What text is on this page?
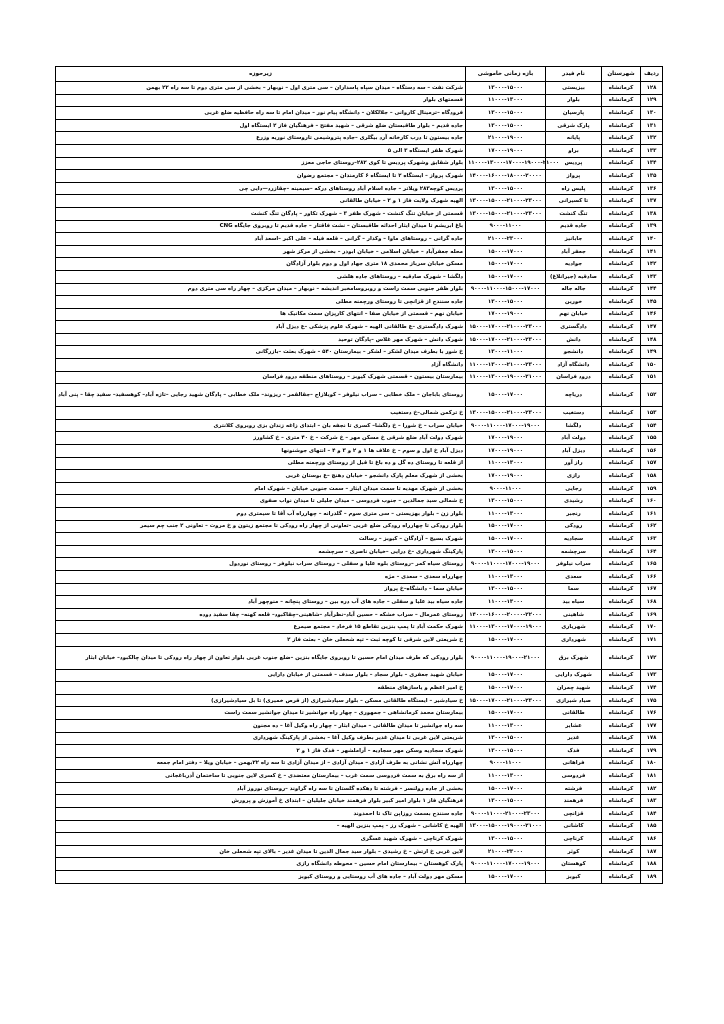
ردیف	شهرستان	نام فیدر	بازه زمانی خاموشی	زیرحوزه
۱۲۸	کرمانشاه	بیزیستی	۱۳۰۰۰-۱۵۰۰۰	شرکت نفت – سه دستگاه – میدان سپاه پاسداران – سی متری اول – نوبهار – بخشی از سی متری دوم تا سه راه ۲۲ بهمن
۱۲۹	کرمانشاه	بلوار	۱۱۰۰۰-۱۳۰۰۰	قسمتهای بلوار
۱۳۰	کرمانشاه	پارسیان	۱۳۰۰۰-۱۵۰۰۰	فرودگاه –ترمینال کاروانی – جلالکلان – دانشگاه پیام نور – میدان امام تا سه راه حافظیه ضلع غربی
۱۳۱	کرمانشاه	پارک شرقی	۱۳۰۰۰-۱۵۰۰۰	جاده قدیم – بلوار طاقبستان ضلع شرقی – شهید مفتح – فرهنگیان فاز ۲ ایستگاه اول
۱۳۲	کرمانشاه	پایانه	۲۱۰۰۰-۱۹۰۰۰	جاده بیستون تا درب کارخانه آرد بیگلری –جاده پتروشیمی تاروستای نوریه وزرع
۱۳۳	کرمانشاه	براو	۱۷۰۰۰-۱۹۰۰۰	شهرک ظفر ایستگاه ۳ الی ۵
۱۳۴	کرمانشاه	پردیس	۱۱۰۰۰-۱۳۰۰۰-۱۷۰۰۰-۱۹۰۰۰-۲۱۰۰۰	بلوار شقایق وشهرک پردیس تا کوی ۲۸۲–روستای حاجی معزز
۱۳۵	کرمانشاه	پرواز	۱۴۰۰۰-۱۶۰۰۰-۱۸۰۰۰-۲۰۰۰۰	شهرک پرواز – ایستگاه ۲ تا ایستگاه ۶ کارمندان – مجتمع رضوان
۱۳۶	کرمانشاه	پلیس راه	۱۳۰۰۰-۱۵۰۰۰	پردیس کوچه۲۸۳ ویلاتر – جاده اسلام آباد روستاهای درکه –سیمینه –چقازرد—دایی چی
۱۳۷	کرمانشاه	تا کسیرانی	۱۳۰۰۰-۱۵۰۰۰-۲۱۰۰۰-۲۳۰۰۰	الهیه شهرک ولایت فاز ۱ و ۲ – خیابان طالقانی
۱۳۸	کرمانشاه	تنگ کنشت	۱۳۰۰۰-۱۵۰۰۰-۲۱۰۰۰-۲۳۰۰۰	قسمتی از خیابان تنگ کنشت – شهرک ظفر ۳ – شهرک تکاور – پادگان تنگ کنشت
۱۳۹	کرمانشاه	جاده قدیم	۹۰۰۰-۱۱۰۰۰	باغ ابریشم تا میدان ایثار احداثه طاقبستان – نشت فاقتار – جاده قدیم تا روبروی جایگاه CNG
۱۴۰	کرمانشاه	جابانیز	۲۱۰۰۰-۲۳۰۰۰	جاده گرانی – روستاهای ماوا – وکدار – گرانی – قلعه فیله – علی اکبر –اسعد آباد
۱۴۱	کرمانشاه	جعفر آباد	۱۵۰۰۰-۱۷۰۰۰	محله جعفرآباد – خیابان اسلامی – خیابان ابوذر – بخشی از مرکز شهر
۱۴۲	کرمانشاه	جوادیه	۱۵۰۰۰-۱۷۰۰۰	مسکن خیابان سرباز محمدی ۱۸ متری جهاد اول و دوم بلوار آزادگان
۱۴۳	کرمانشاه	صادقیه (جیرانلاغ)	۱۵۰۰۰-۱۷۰۰۰	دلگشا – شهرک صادقیه – روستاهای جاده هلشی
۱۴۴	کرمانشاه	جاله جاله	۹۰۰۰-۱۱۰۰۰-۱۵۰۰۰-۱۷۰۰۰	بلوار ظفر جنوبی سمت راست و روبروسامخبر اندیشه – نوبهار – میدان مرکزی – چهار راه سی متری دوم
۱۴۵	کرمانشاه	خورین	۱۳۰۰۰-۱۵۰۰۰	جاده سنندج از قزانچی تا روستای ورچمنه مطلی
۱۴۶	کرمانشاه	خیابان نهم	۱۷۰۰۰-۱۹۰۰۰	خیابان نهم – قسمتی از خیابان صفا – انتهای کارپزان سمت مکانیک ها
۱۴۷	کرمانشاه	دادگستری	۱۵۰۰۰-۱۷۰۰۰-۲۱۰۰۰-۲۳۰۰۰	شهرک دادگستری –ع طالقانی الهیه – شهرک علوم پزشکی –ع دیزل آباد
۱۴۸	کرمانشاه	دانش	۱۵۰۰۰-۱۷۰۰۰-۲۱۰۰۰-۲۳۰۰۰	شهرک دانش – شهرک مهر غلاس –پادگان توحید
۱۴۹	کرمانشاه	دانشجو	۱۳۰۰۰-۱۱۰۰۰	خ شور با بطرف میدان لشکر – لشکر – بیمارستان ۵۴۰ – شهرک بعثت –بازرگانی
۱۵۰	کرمانشاه	دانشگاه آزاد	۱۱۰۰۰-۱۳۰۰۰-۲۱۰۰۰-۲۳۰۰۰	دانشگاه آزاد
۱۵۱	کرمانشاه	درود فراسان	۱۱۰۰۰-۱۳۰۰۰-۱۹۰۰۰-۲۱۰۰۰	بیمارستان بیستون – قسمتی شهرک کیوبز – روستاهای منطقه درود فراسان
۱۵۲	کرمانشاه	دریاچه	۱۵۰۰۰-۱۷۰۰۰	روستای باباجان – ملک خطابی – سراب نیلوفر – کوبلازاج –جقالقمر – ریزوند– ملک خطابی – پادگان شهید رجایی –تازه آباد– کوهسفید– سفید چقا – پنی آباد
۱۵۳	کرمانشاه	دستغیب	۱۳۰۰۰-۱۵۰۰۰-۲۱۰۰۰-۲۳۰۰۰	خ ترکمن شمالی–خ دستغیب
۱۵۴	کرمانشاه	دلگشا	۹۰۰۰-۱۱۰۰۰-۱۷۰۰۰-۱۹۰۰۰	خیابان سراب – خ شورا – خ دلگشا– کسری تا نجفه بان – ابتدای زاغه زندان بزی روبروی کلانتری
۱۵۵	کرمانشاه	دولت آباد	۱۷۰۰۰-۱۹۰۰۰	شهرک دولت آباد ضلع شرقی خ مسکن مهر – خ شرکت – خ ۴۰ متری – خ کشاورز
۱۵۶	کرمانشاه	دیزل آباد	۱۷۰۰۰-۱۹۰۰۰	دیزل آباد خ اول و سوم – خ علاف ها ۱ و ۲ و ۳ و ۴ – انتهای جوشنونها
۱۵۷	کرمانشاه	راز آور	۱۱۰۰۰-۱۳۰۰۰	از قلعه تا روستای ده گل و ده باغ تا قبل از روستای ورچمنه مطلی
۱۵۸	کرمانشاه	رازی	۱۷۰۰۰-۱۹۰۰۰	بخشی از شهرک معلم پارک دانشجو – خیابان دهنچ –ع بوستان غربی
۱۵۹	کرمانشاه	رجایی	۹۰۰۰-۱۱۰۰۰	بخشی از شهرک مهدیه تا سمت میدان ایثار – سمت جنوبی خیابان – شهرک امام
۱۶۰	کرمانشاه	رشیدی	۱۳۰۰۰-۱۵۰۰۰	خ شمالی سید جمالدین – جنوب فردوسی – میدان جلیلی تا میدان نواب صفوی
۱۶۱	کرمانشاه	رنجبر	۱۱۰۰۰-۱۳۰۰۰	بلوار زن – بلوار بهزیستی – سی متری سوم – گلدرانه – چهارراه آب آقا تا سیمتری دوم
۱۶۲	کرمانشاه	رودکی	۱۵۰۰۰-۱۷۰۰۰	بلوار رودکی تا چهارراه رودکی ضلع غربی –تعاونی از چهار راه رودکی تا مجتمع زیتون و خ مروت – تعاونی ۲ جنب چم سیمر
۱۶۳	کرمانشاه	سجادیه	۱۵۰۰۰-۱۷۰۰۰	شهرک بسیج – آزادگان – کیوبز – رسالت
۱۶۴	کرمانشاه	سرچشمه	۱۳۰۰۰-۱۵۰۰۰	پارکینگ شهرداری –خ درایی –خیابان ناصری – سرچشمه
۱۶۵	کرمانشاه	سراب نیلوفر	۹۰۰۰-۱۱۰۰۰-۱۷۰۰۰-۱۹۰۰۰	روستای سیاه کمر –روستای بلوه علیا و سفلی – روستای سراب نیلوفر – روستای نوردول
۱۶۶	کرمانشاه	سعدی	۱۱۰۰۰-۱۳۰۰۰	چهارراه سعدی – سعدی – مژه
۱۶۷	کرمانشاه	سما	۱۳۰۰۰-۱۵۰۰۰	خیابان سما – دانشگاه–خ پرواز
۱۶۸	کرمانشاه	سیاه بید	۱۱۰۰۰-۱۳۰۰۰	جاده سیاه بید علیا و سفلی – جاده های آب دره بین – روستای پنچانه – منوچهر آباد
۱۶۹	کرمانشاه	شاهینی	۱۴۰۰۰-۱۶۰۰۰-۲۰۰۰۰-۲۲۰۰۰	روستای عمرمال – سراب خشکه – حسین آباد–نظرآباد –شاهینی–چقاکبود– قلعه کهنه– چقا سفید دوده
۱۷۰	کرمانشاه	شهریاری	۱۱۰۰۰-۱۳۰۰۰-۱۷۰۰۰-۱۹۰۰۰	شهرک حکمت آباد تا پمپ بنزین تقاطع ۱۵ فرخاد – مجتمع صیمرع
۱۷۱	کرمانشاه	شهرداری	۱۵۰۰۰-۱۷۰۰۰	خ شریعتی لاین شرقی تا کوچه ثبت – تپه شحعلی خان – بعثت فاز ۲
۱۷۲	کرمانشاه	شهرک برق	۹۰۰۰-۱۱۰۰۰-۱۹۰۰۰-۲۱۰۰۰	بلوار رودکی که طرف میدان امام حسین تا روبروی جایگاه بنزین –ضلع جنوب غربی بلوار تعاون از چهار راه رودکی تا میدان چالکبود– خیابان ابثار
۱۷۳	کرمانشاه	شهرک دارایی	۱۵۰۰۰-۱۷۰۰۰	خیابان شهید جعفری – بلوار سجاد – بلوار سدف – قسمتی از خیابان دارایی
۱۷۴	کرمانشاه	شهید چمران	۱۵۰۰۰-۱۷۰۰۰	خ امیر اعظم و یاسازهای منطقه
۱۷۵	کرمانشاه	صیاد شیرازی	۱۵۰۰۰-۱۷۰۰۰-۲۱۰۰۰-۲۳۰۰۰	خ سیادشیر – ایستگاه طالقانی مسکن – بلوار سیادشیرازی (از قرص خمیری) تا بل سیادشیرازی)
۱۷۶	کرمانشاه	طالقانی	۱۵۰۰۰-۱۷۰۰۰	بیمارستان محمد کرمانشاهی – جمهوری – چهار راه جوانشیر تا میدان جوانشیر سمت راست
۱۷۷	کرمانشاه	عشایر	۱۱۰۰۰-۱۳۰۰۰	سه راه جوانشیر تا میدان طالقانی – میدان ابثار – چهار راه وکیل آغا – ده مجنون
۱۷۸	کرمانشاه	غدیر	۱۳۰۰۰-۱۵۰۰۰	شریعتی لاین غربی تا میدان غدیر بطرف وکیل آغا – بخشی از پارکینگ شهرداری
۱۷۹	کرمانشاه	فدک	۱۳۰۰۰-۱۵۰۰۰	شهرک سجادیه وسکن مهر سجادیه – آراملشهر – فدک فاز ۱ و ۲
۱۸۰	کرمانشاه	فراهانی	۹۰۰۰-۱۱۰۰۰	چهارراه آتش نشانی به طرف آزادی – میدان آزادی – از میدان آزادی تا سه راه ۲۲بهمن – خیابان ویلا – دفتر امام جمعه
۱۸۱	کرمانشاه	فردوسی	۱۱۰۰۰-۱۳۰۰۰	از سه راه برق به سمت فردوسی سمت غرب – بیمارستان معتضدی – خ کسری لاین جنوبی تا ساختمان آذرباغجانی
۱۸۲	کرمانشاه	فرشته	۱۵۰۰۰-۱۷۰۰۰	بخشی از جاده رولنسر – فرشته تا دهکده گلستان تا سه راه گراوند –روستای نوروز آباد
۱۸۳	کرمانشاه	فرهمند	۱۳۰۰۰-۱۵۰۰۰	فرهنگیان فاز ۱ بلوار امیر کبیر بلوار فرهمند خیابان جلیلیان – ابتدای خ آموزش و پرورش
۱۸۴	کرمانشاه	قزانچی	۹۰۰۰-۱۱۰۰۰-۲۱۰۰۰-۲۳۰۰۰	جاده سنندج بسمت روزاپن تاک تا احمدوند
۱۸۵	کرمانشاه	کاشانی	۱۳۰۰۰-۱۵۰۰۰-۱۹۰۰۰-۲۱۰۰۰	الهیه خ کاشانی – شهرک رز – پمپ بنزین الهیه –
۱۸۶	کرمانشاه	کرناچی	۱۳۰۰۰-۱۵۰۰۰	شهرک کرناچی – شهرک شهید عسگری
۱۸۷	کرمانشاه	کوثر	۲۱۰۰۰-۲۳۰۰۰	لاین غربی خ ارتش – خ رشیدی – بلوار سید جمال الدین تا میدان غدیر – بالای تپه شحعلی خان
۱۸۸	کرمانشاه	کوهستان	۹۰۰۰-۱۱۰۰۰-۱۷۰۰۰-۱۹۰۰۰	پارک کوهستان – بیمارستان امام حسین – محوطه دانشگاه رازی
۱۸۹	کرمانشاه	کیوبز	۱۵۰۰۰-۱۷۰۰۰	مسکن مهر دولت آباد – جاده های آب روستایی و روستای کیوبز
